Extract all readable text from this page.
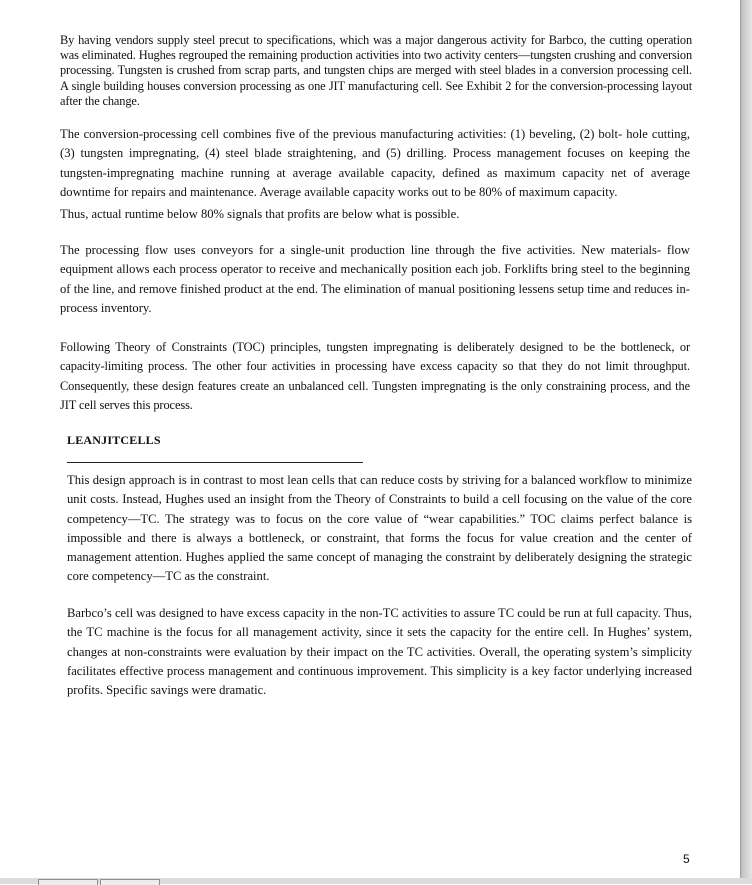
By having vendors supply steel precut to specifications, which was a major dangerous activity for Barbco, the cutting operation was eliminated. Hughes regrouped the remaining production activities into two activity centers—tungsten crushing and conversion processing. Tungsten is crushed from scrap parts, and tungsten chips are merged with steel blades in a conversion processing cell. A single building houses conversion processing as one JIT manufacturing cell. See Exhibit 2 for the conversion-processing layout after the change.

The conversion-processing cell combines five of the previous manufacturing activities: (1) beveling, (2) bolt- hole cutting, (3) tungsten impregnating, (4) steel blade straightening, and (5) drilling. Process management focuses on keeping the tungsten-impregnating machine running at average available capacity, defined as maximum capacity net of average downtime for repairs and maintenance. Average available capacity works out to be 80% of maximum capacity.

Thus, actual runtime below 80% signals that profits are below what is possible.

The processing flow uses conveyors for a single-unit production line through the five activities. New materials- flow equipment allows each process operator to receive and mechanically position each job. Forklifts bring steel to the beginning of the line, and remove finished product at the end. The elimination of manual positioning lessens setup time and reduces in-process inventory.

Following Theory of Constraints (TOC) principles, tungsten impregnating is deliberately designed to be the bottleneck, or capacity-limiting process. The other four activities in processing have excess capacity so that they do not limit throughput. Consequently, these design features create an unbalanced cell. Tungsten impregnating is the only constraining process, and the JIT cell serves this process.

LEANJITCELLS

This design approach is in contrast to most lean cells that can reduce costs by striving for a balanced workflow to minimize unit costs. Instead, Hughes used an insight from the Theory of Constraints to build a cell focusing on the value of the core competency—TC. The strategy was to focus on the core value of “wear capabilities.” TOC claims perfect balance is impossible and there is always a bottleneck, or constraint, that forms the focus for value creation and the center of management attention. Hughes applied the same concept of managing the constraint by deliberately designing the strategic core competency—TC as the constraint.

Barbco’s cell was designed to have excess capacity in the non-TC activities to assure TC could be run at full capacity. Thus, the TC machine is the focus for all management activity, since it sets the capacity for the entire cell. In Hughes’ system, changes at non-constraints were evaluation by their impact on the TC activities. Overall, the operating system’s simplicity facilitates effective process management and continuous improvement. This simplicity is a key factor underlying increased profits. Specific savings were dramatic.

5
